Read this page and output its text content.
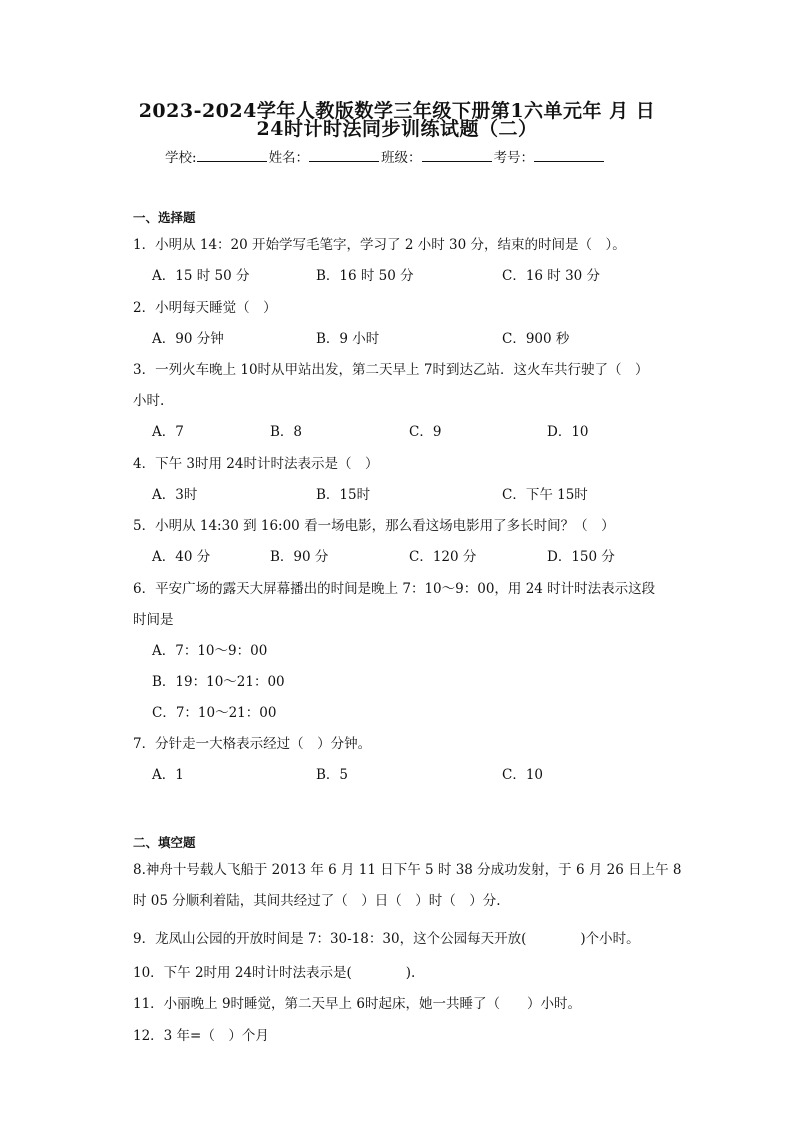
2023-2024学年人教版数学三年级下册第1六单元年 月 日
24时计时法同步训练试题（二）
学校:	姓名：	班级：	考号：
一、选择题
1．小明从 14：20 开始学写毛笔字，学习了 2 小时 30 分，结束的时间是（　）。
A．15 时 50 分	B．16 时 50 分	C．16 时 30 分
2．小明每天睡觉（　）
A．90 分钟	B．9 小时	C．900 秒
3．一列火车晚上 10时从甲站出发，第二天早上 7时到达乙站．这火车共行驶了（　）
小时.
A．7	B．8	C．9	D．10
4．下午 3时用 24时计时法表示是（　）
A．3时	B．15时	C．下午 15时
5．小明从 14:30 到 16:00 看一场电影，那么看这场电影用了多长时间？（　）
A．40 分	B．90 分	C．120 分	D．150 分
6．平安广场的露天大屏幕播出的时间是晚上 7：10～9：00，用 24 时计时法表示这段
时间是
A．7：10～9：00
B．19：10～21：00
C．7：10～21：00
7．分针走一大格表示经过（　）分钟。
A．1	B．5	C．10
二、填空题
8.神舟十号载人飞船于 2013 年 6 月 11 日下午 5 时 38 分成功发射，于 6 月 26 日上午 8
时 05 分顺利着陆，其间共经过了（　）日（　）时（　）分.
9．龙凤山公园的开放时间是 7：30-18：30，这个公园每天开放(　　　　)个小时。
10．下午 2时用 24时计时法表示是(　　　　).
11．小丽晚上 9时睡觉，第二天早上 6时起床，她一共睡了（　　）小时。
12．3 年=（　）个月
